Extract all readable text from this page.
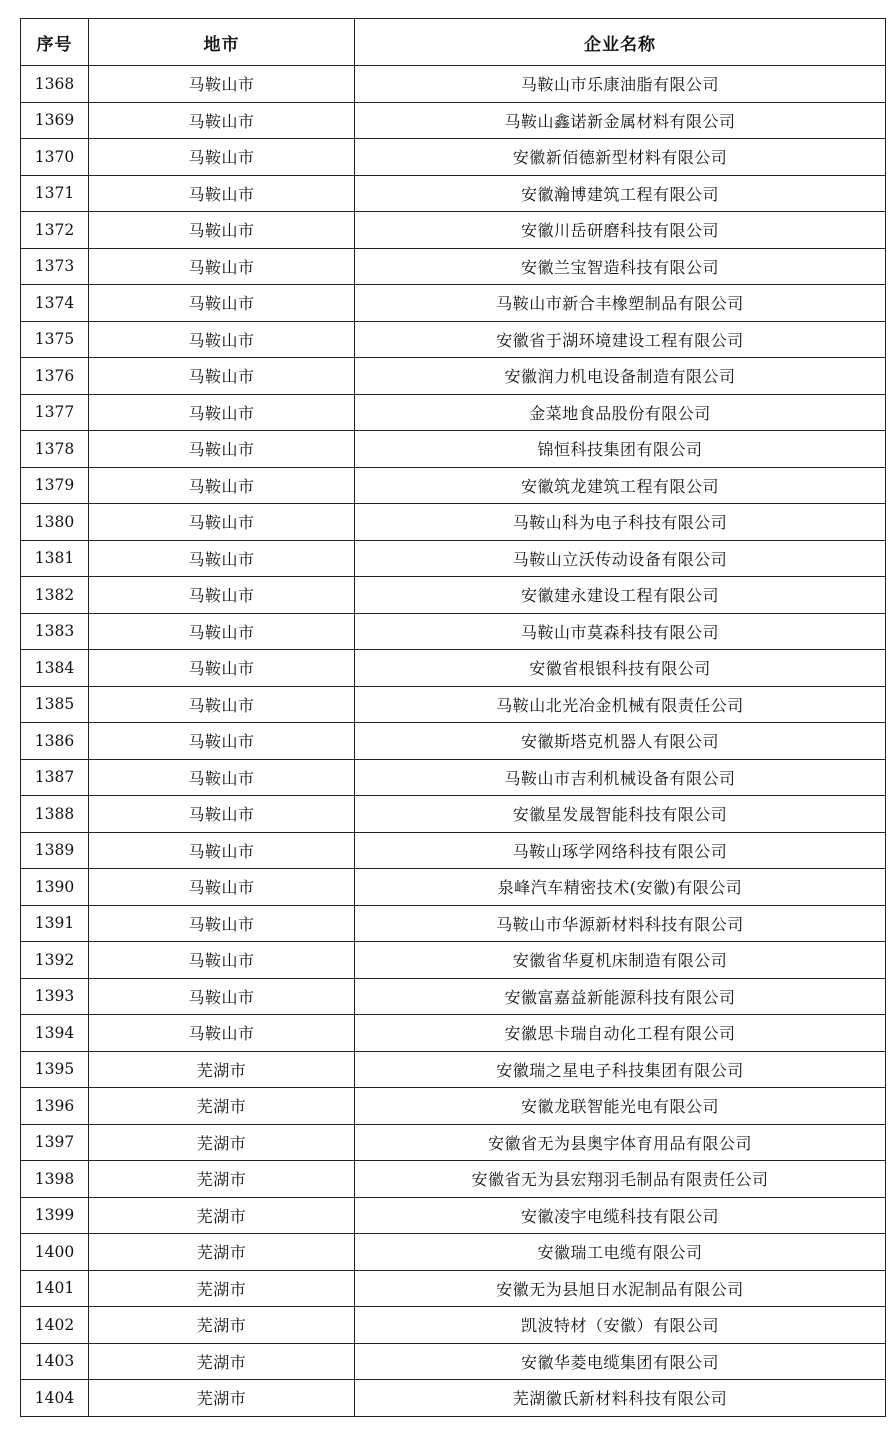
序号	地市	企业名称
1368	马鞍山市	马鞍山市乐康油脂有限公司
1369	马鞍山市	马鞍山鑫诺新金属材料有限公司
1370	马鞍山市	安徽新佰德新型材料有限公司
1371	马鞍山市	安徽瀚博建筑工程有限公司
1372	马鞍山市	安徽川岳研磨科技有限公司
1373	马鞍山市	安徽兰宝智造科技有限公司
1374	马鞍山市	马鞍山市新合丰橡塑制品有限公司
1375	马鞍山市	安徽省于湖环境建设工程有限公司
1376	马鞍山市	安徽润力机电设备制造有限公司
1377	马鞍山市	金菜地食品股份有限公司
1378	马鞍山市	锦恒科技集团有限公司
1379	马鞍山市	安徽筑龙建筑工程有限公司
1380	马鞍山市	马鞍山科为电子科技有限公司
1381	马鞍山市	马鞍山立沃传动设备有限公司
1382	马鞍山市	安徽建永建设工程有限公司
1383	马鞍山市	马鞍山市莫森科技有限公司
1384	马鞍山市	安徽省根银科技有限公司
1385	马鞍山市	马鞍山北光冶金机械有限责任公司
1386	马鞍山市	安徽斯塔克机器人有限公司
1387	马鞍山市	马鞍山市吉利机械设备有限公司
1388	马鞍山市	安徽星发晟智能科技有限公司
1389	马鞍山市	马鞍山琢学网络科技有限公司
1390	马鞍山市	泉峰汽车精密技术(安徽)有限公司
1391	马鞍山市	马鞍山市华源新材料科技有限公司
1392	马鞍山市	安徽省华夏机床制造有限公司
1393	马鞍山市	安徽富嘉益新能源科技有限公司
1394	马鞍山市	安徽思卡瑞自动化工程有限公司
1395	芜湖市	安徽瑞之星电子科技集团有限公司
1396	芜湖市	安徽龙联智能光电有限公司
1397	芜湖市	安徽省无为县奥宇体育用品有限公司
1398	芜湖市	安徽省无为县宏翔羽毛制品有限责任公司
1399	芜湖市	安徽凌宇电缆科技有限公司
1400	芜湖市	安徽瑞工电缆有限公司
1401	芜湖市	安徽无为县旭日水泥制品有限公司
1402	芜湖市	凯波特材（安徽）有限公司
1403	芜湖市	安徽华菱电缆集团有限公司
1404	芜湖市	芜湖徽氏新材料科技有限公司
